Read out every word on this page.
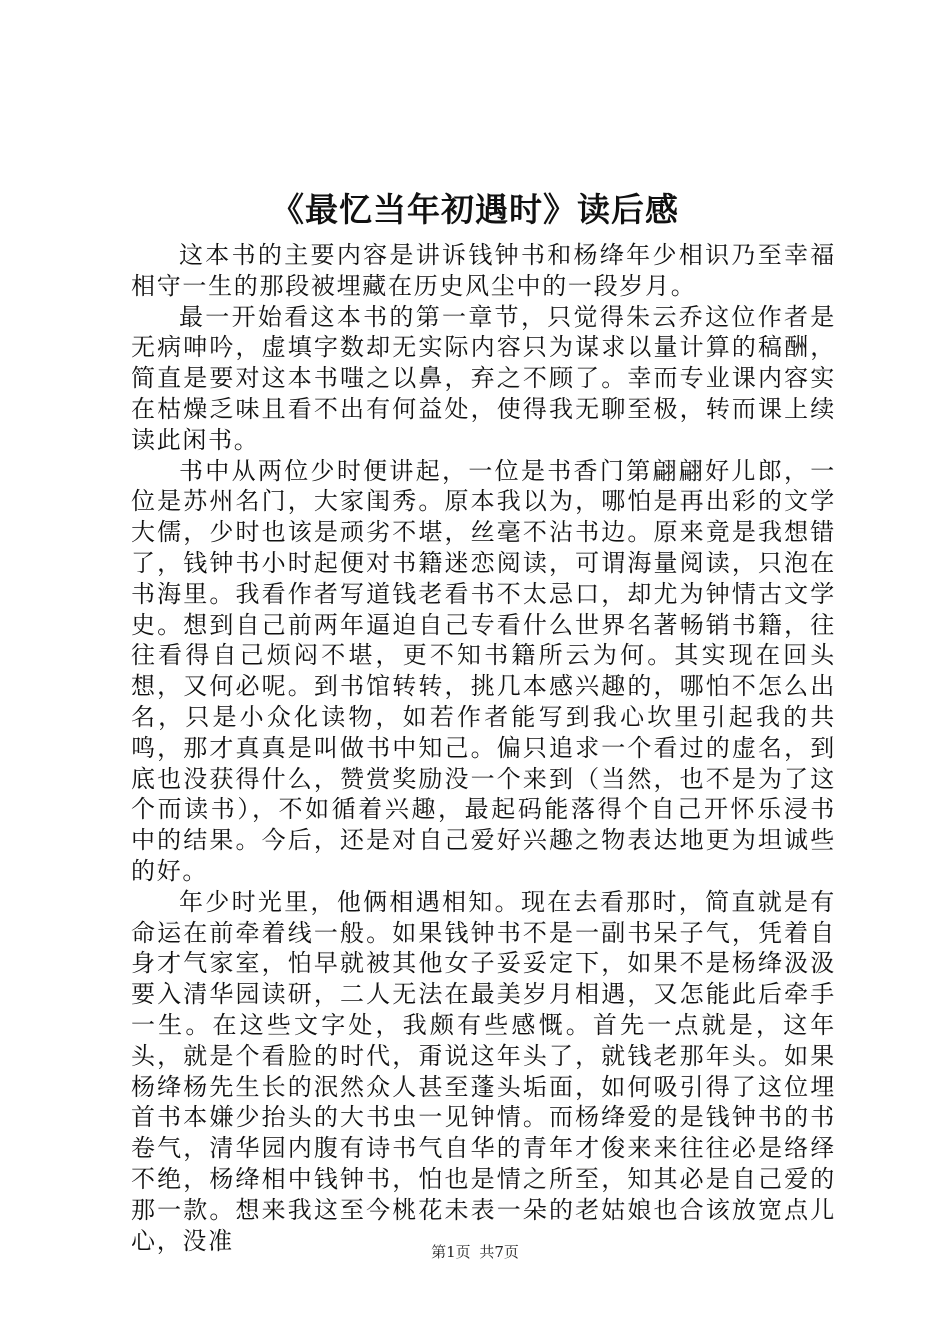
《最忆当年初遇时》读后感

这本书的主要内容是讲诉钱钟书和杨绛年少相识乃至幸福相守一生的那段被埋藏在历史风尘中的一段岁月。

最一开始看这本书的第一章节，只觉得朱云乔这位作者是无病呻吟，虚填字数却无实际内容只为谋求以量计算的稿酬，简直是要对这本书嗤之以鼻，弃之不顾了。幸而专业课内容实在枯燥乏味且看不出有何益处，使得我无聊至极，转而课上续读此闲书。

书中从两位少时便讲起，一位是书香门第翩翩好儿郎，一位是苏州名门，大家闺秀。原本我以为，哪怕是再出彩的文学大儒，少时也该是顽劣不堪，丝毫不沾书边。原来竟是我想错了，钱钟书小时起便对书籍迷恋阅读，可谓海量阅读，只泡在书海里。我看作者写道钱老看书不太忌口，却尤为钟情古文学史。想到自己前两年逼迫自己专看什么世界名著畅销书籍，往往看得自己烦闷不堪，更不知书籍所云为何。其实现在回头想，又何必呢。到书馆转转，挑几本感兴趣的，哪怕不怎么出名，只是小众化读物，如若作者能写到我心坎里引起我的共鸣，那才真真是叫做书中知己。偏只追求一个看过的虚名，到底也没获得什么，赞赏奖励没一个来到（当然，也不是为了这个而读书），不如循着兴趣，最起码能落得个自己开怀乐浸书中的结果。今后，还是对自己爱好兴趣之物表达地更为坦诚些的好。

年少时光里，他俩相遇相知。现在去看那时，简直就是有命运在前牵着线一般。如果钱钟书不是一副书呆子气，凭着自身才气家室，怕早就被其他女子妥妥定下，如果不是杨绛汲汲要入清华园读研，二人无法在最美岁月相遇，又怎能此后牵手一生。在这些文字处，我颇有些感慨。首先一点就是，这年头，就是个看脸的时代，甭说这年头了，就钱老那年头。如果杨绛杨先生长的泯然众人甚至蓬头垢面，如何吸引得了这位埋首书本嫌少抬头的大书虫一见钟情。而杨绛爱的是钱钟书的书卷气，清华园内腹有诗书气自华的青年才俊来来往往必是络绎不绝，杨绛相中钱钟书，怕也是情之所至，知其必是自己爱的那一款。想来我这至今桃花未表一朵的老姑娘也合该放宽点儿心，没准	第1页 共7页
